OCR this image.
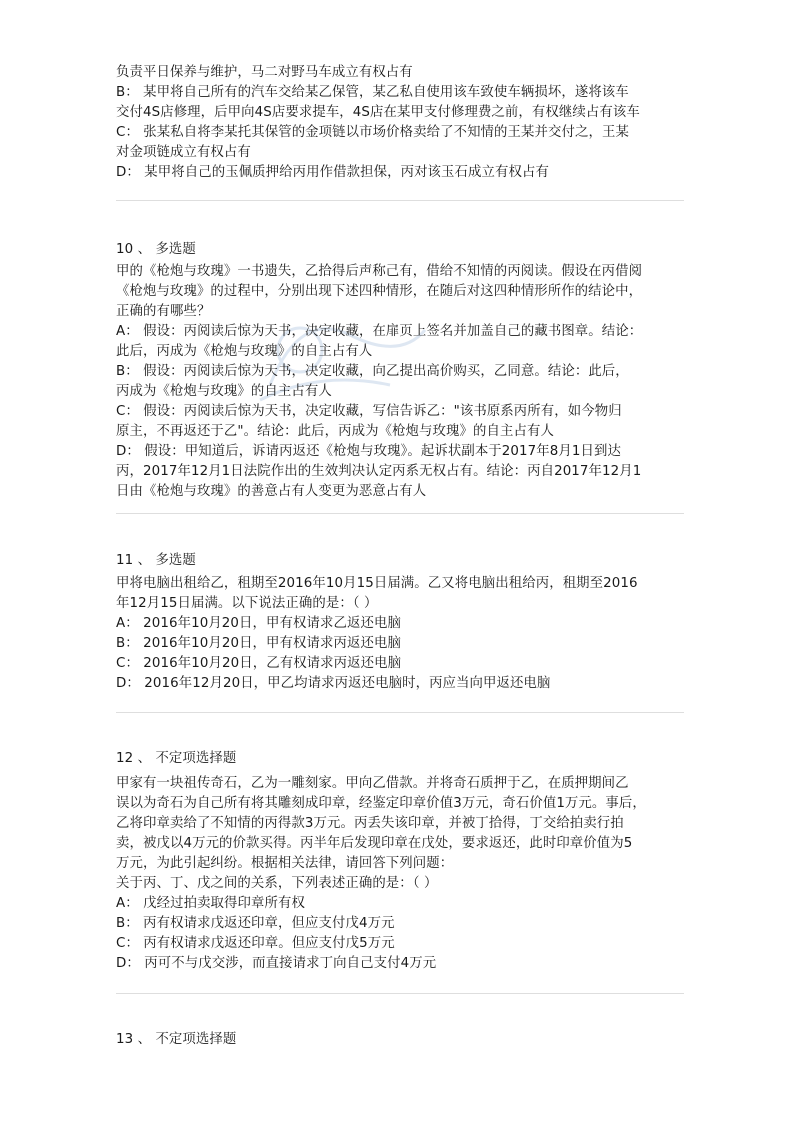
负责平日保养与维护，马二对野马车成立有权占有
B： 某甲将自己所有的汽车交给某乙保管，某乙私自使用该车致使车辆损坏，遂将该车
交付4S店修理，后甲向4S店要求提车，4S店在某甲支付修理费之前，有权继续占有该车
C： 张某私自将李某托其保管的金项链以市场价格卖给了不知情的王某并交付之，王某
对金项链成立有权占有
D： 某甲将自己的玉佩质押给丙用作借款担保，丙对该玉石成立有权占有
10 、 多选题
甲的《枪炮与玫瑰》一书遗失，乙拾得后声称己有，借给不知情的丙阅读。假设在丙借阅
《枪炮与玫瑰》的过程中，分别出现下述四种情形，在随后对这四种情形所作的结论中，
正确的有哪些？
A： 假设：丙阅读后惊为天书，决定收藏，在扉页上签名并加盖自己的藏书图章。结论：
此后，丙成为《枪炮与玫瑰》的自主占有人
B： 假设：丙阅读后惊为天书，决定收藏，向乙提出高价购买，乙同意。结论：此后，
丙成为《枪炮与玫瑰》的自主占有人
C： 假设：丙阅读后惊为天书，决定收藏，写信告诉乙："该书原系丙所有，如今物归
原主，不再返还于乙"。结论：此后，丙成为《枪炮与玫瑰》的自主占有人
D： 假设：甲知道后，诉请丙返还《枪炮与玫瑰》。起诉状副本于2017年8月1日到达
丙，2017年12月1日法院作出的生效判决认定丙系无权占有。结论：丙自2017年12月1
日由《枪炮与玫瑰》的善意占有人变更为恶意占有人
11 、 多选题
甲将电脑出租给乙，租期至2016年10月15日届满。乙又将电脑出租给丙，租期至2016
年12月15日届满。以下说法正确的是：（ ）
A： 2016年10月20日，甲有权请求乙返还电脑
B： 2016年10月20日，甲有权请求丙返还电脑
C： 2016年10月20日，乙有权请求丙返还电脑
D： 2016年12月20日，甲乙均请求丙返还电脑时，丙应当向甲返还电脑
12 、 不定项选择题
甲家有一块祖传奇石，乙为一雕刻家。甲向乙借款。并将奇石质押于乙，在质押期间乙
误以为奇石为自己所有将其雕刻成印章，经鉴定印章价值3万元，奇石价值1万元。事后，
乙将印章卖给了不知情的丙得款3万元。丙丢失该印章，并被丁拾得，丁交给拍卖行拍
卖，被戊以4万元的价款买得。丙半年后发现印章在戊处，要求返还，此时印章价值为5
万元，为此引起纠纷。根据相关法律，请回答下列问题：
关于丙、丁、戊之间的关系，下列表述正确的是：（ ）
A： 戊经过拍卖取得印章所有权
B： 丙有权请求戊返还印章，但应支付戊4万元
C： 丙有权请求戊返还印章。但应支付戊5万元
D： 丙可不与戊交涉，而直接请求丁向自己支付4万元
13 、 不定项选择题
